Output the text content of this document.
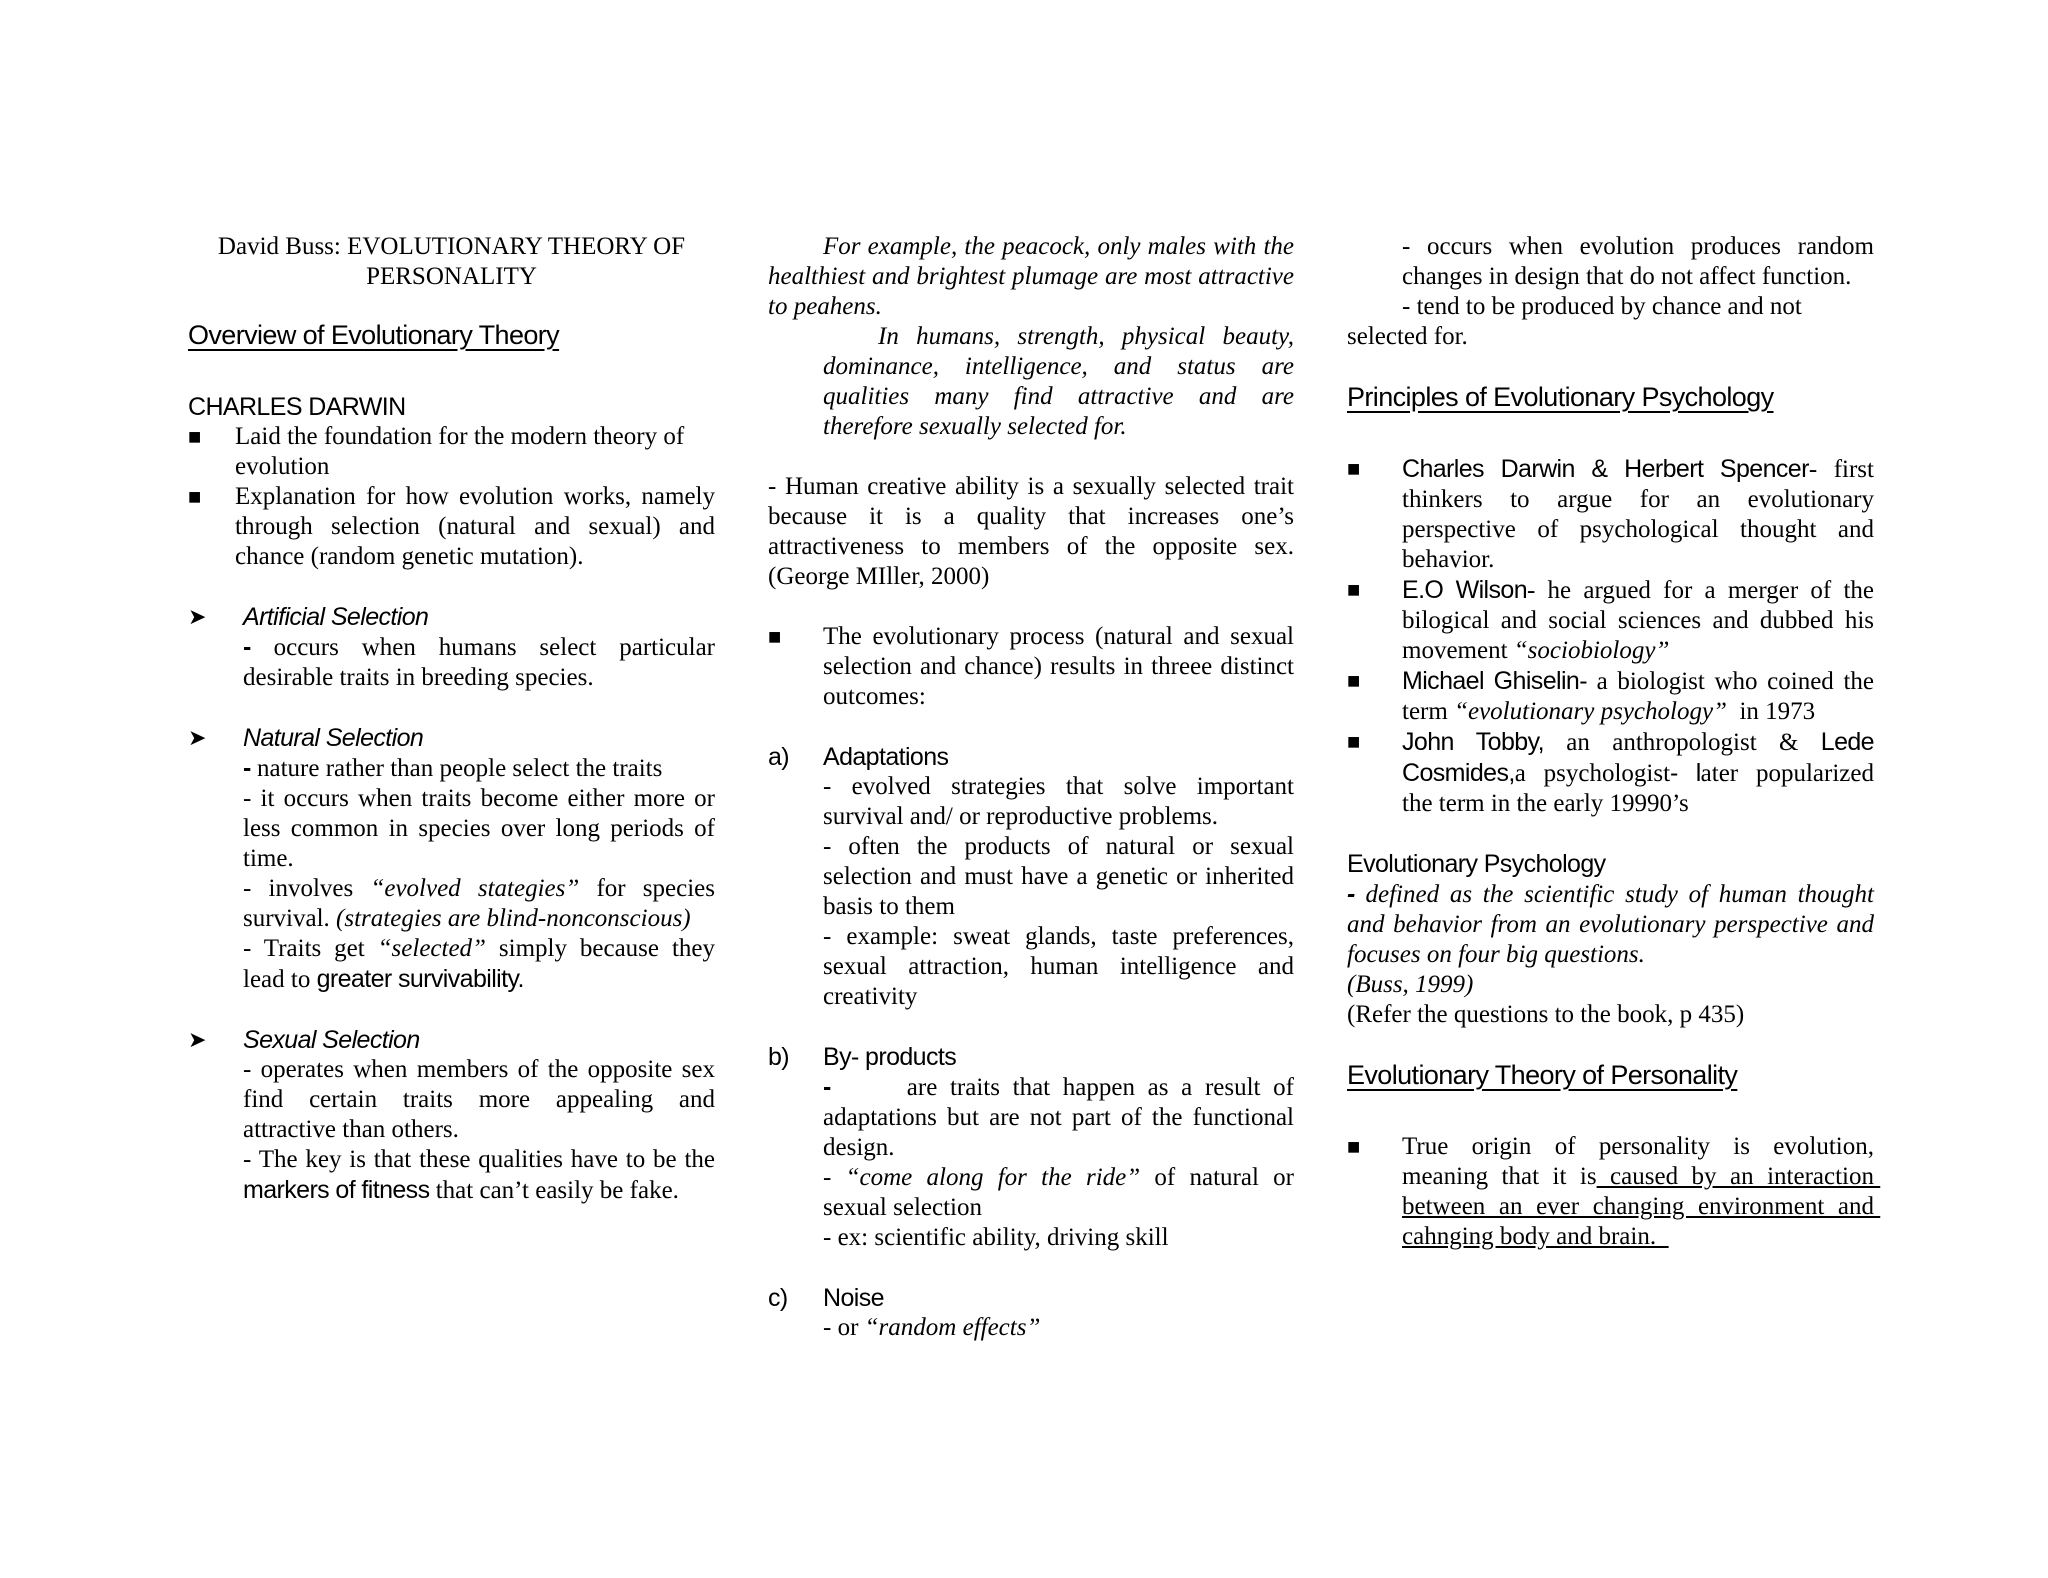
David Buss: EVOLUTIONARY THEORY OF PERSONALITY

Overview of Evolutionary Theory

CHARLES DARWIN

■	Laid the foundation for the modern theory of evolution
■	Explanation for how evolution works, namely through selection (natural and sexual) and chance (random genetic mutation).
➤	Artificial Selection

- occurs when humans select particular desirable traits in breeding species.

➤	Natural Selection

- nature rather than people select the traits

- it occurs when traits become either more or less common in species over long periods of time.

- involves “evolved stategies” for species survival. (strategies are blind-nonconscious)

- Traits get “selected” simply because they lead to greater survivability.

➤	Sexual Selection

- operates when members of the opposite sex find certain traits more appealing and attractive than others.

- The key is that these qualities have to be the markers of fitness that can’t easily be fake.

For example, the peacock, only males with the healthiest and brightest plumage are most attractive to peahens.

In humans, strength, physical beauty, dominance, intelligence, and status are qualities many find attractive and are therefore sexually selected for.

- Human creative ability is a sexually selected trait because it is a quality that increases one’s attractiveness to members of the opposite sex. (George MIller, 2000)

■	The evolutionary process (natural and sexual selection and chance) results in threee distinct outcomes:
a)	Adaptations

- evolved strategies that solve important survival and/ or reproductive problems.

- often the products of natural or sexual selection and must have a genetic or inherited basis to them

- example: sweat glands, taste preferences, sexual attraction, human intelligence and creativity

b)	By- products

-      are traits that happen as a result of adaptations but are not part of the functional design.

- “come along for the ride” of natural or sexual selection

- ex: scientific ability, driving skill

c)	Noise

- or “random effects”

- occurs when evolution produces random changes in design that do not affect function.

- tend to be produced by chance and not selected for.

Principles of Evolutionary Psychology

■	Charles Darwin & Herbert Spencer- first thinkers to argue for an evolutionary perspective of psychological thought and behavior.

■	E.O Wilson- he argued for a merger of the bilogical and social sciences and dubbed his movement “sociobiology”

■	Michael Ghiselin- a biologist who coined the term “evolutionary psychology”  in 1973

■	John Tobby, an anthropologist & Lede Cosmides,a psychologist- later popularized the term in the early 19990’s

Evolutionary Psychology

- defined as the scientific study of human thought and behavior from an evolutionary perspective and focuses on four big questions.

(Buss, 1999)

(Refer the questions to the book, p 435)

Evolutionary Theory of Personality

■	True origin of personality is evolution, meaning that it is caused by an interaction between an ever changing environment and cahnging body and brain.
